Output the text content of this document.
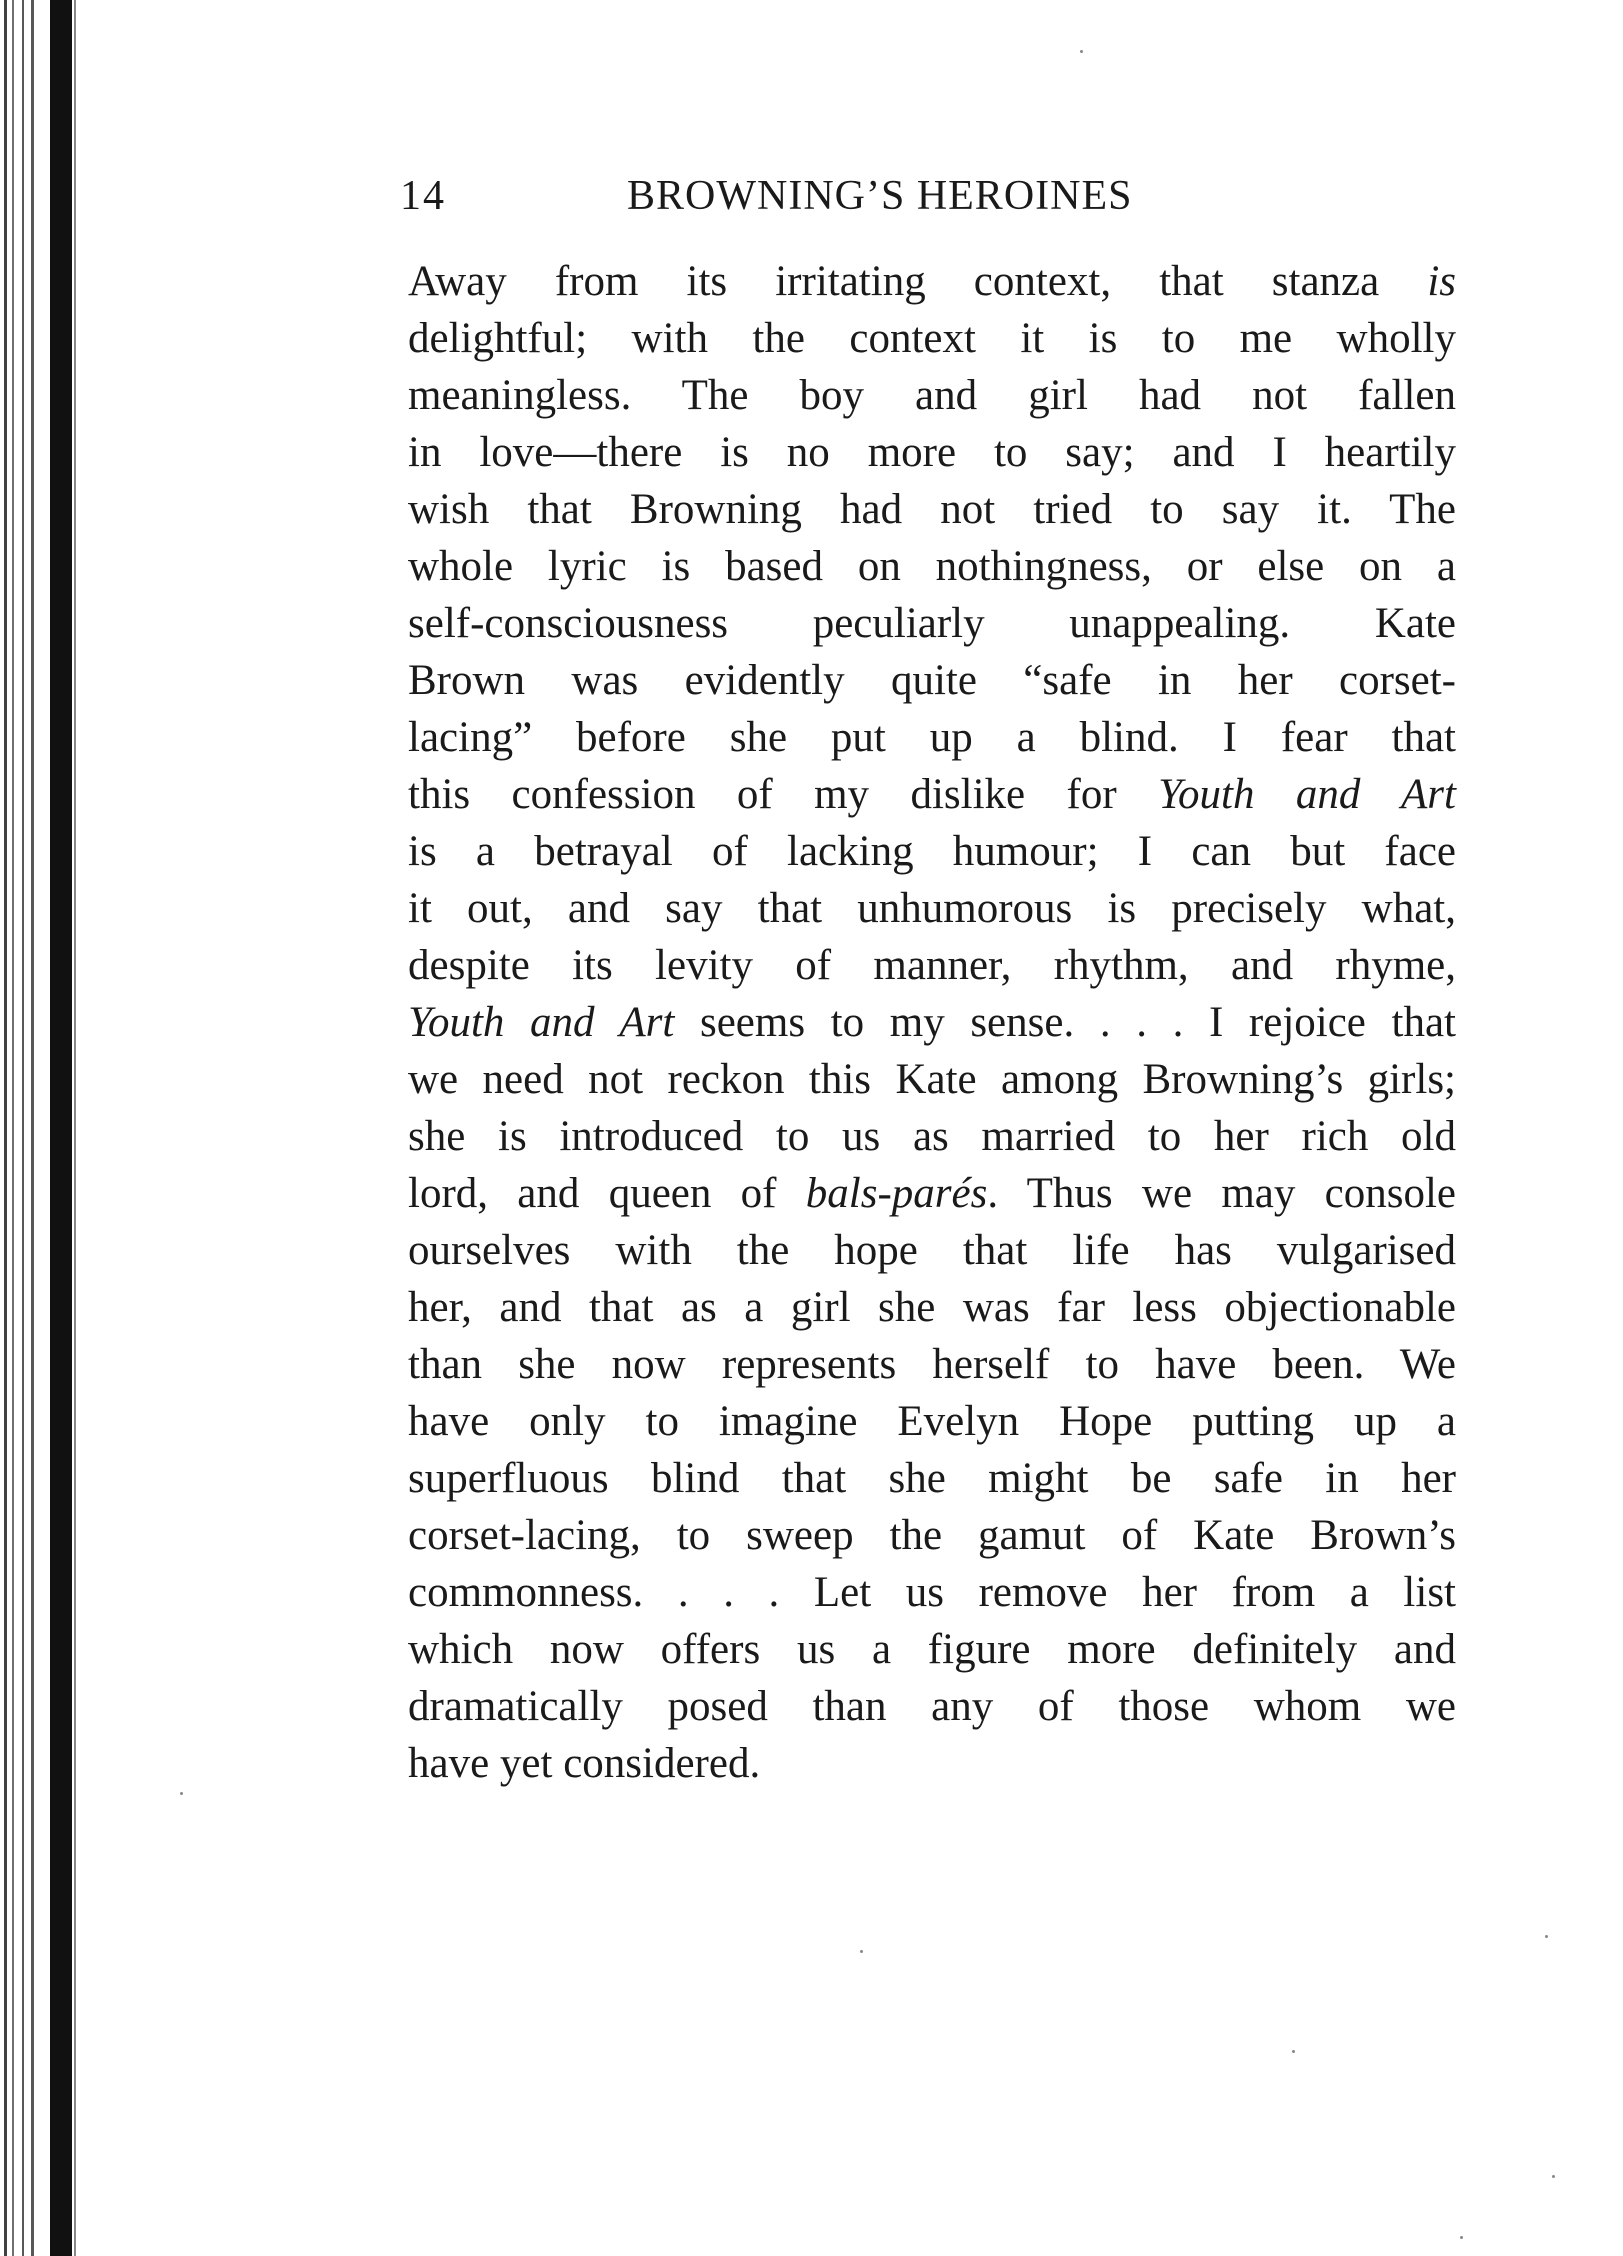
14	BROWNING’S HEROINES
Away from its irritating context, that stanza is
delightful; with the context it is to me wholly
meaningless. The boy and girl had not fallen
in love—there is no more to say; and I heartily
wish that Browning had not tried to say it. The
whole lyric is based on nothingness, or else on a
self-consciousness peculiarly unappealing. Kate
Brown was evidently quite “safe in her corset-
lacing” before she put up a blind. I fear that
this confession of my dislike for Youth and Art
is a betrayal of lacking humour; I can but face
it out, and say that unhumorous is precisely what,
despite its levity of manner, rhythm, and rhyme,
Youth and Art seems to my sense. . . . I rejoice that
we need not reckon this Kate among Browning’s girls;
she is introduced to us as married to her rich old
lord, and queen of bals-parés. Thus we may console
ourselves with the hope that life has vulgarised
her, and that as a girl she was far less objectionable
than she now represents herself to have been. We
have only to imagine Evelyn Hope putting up a
superfluous blind that she might be safe in her
corset-lacing, to sweep the gamut of Kate Brown’s
commonness. . . . Let us remove her from a list
which now offers us a figure more definitely and
dramatically posed than any of those whom we
have yet considered.
